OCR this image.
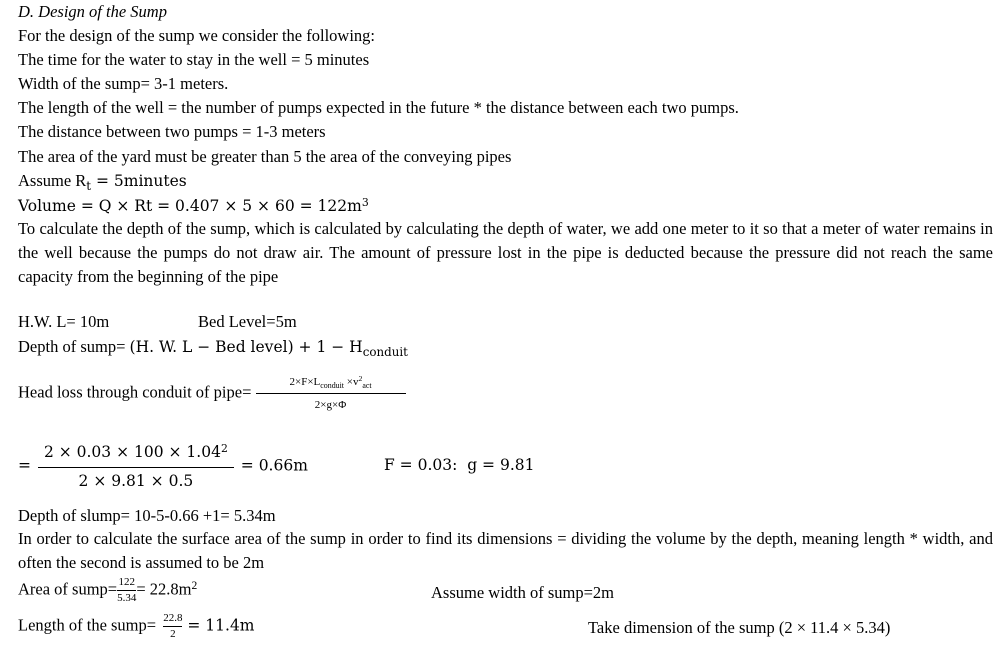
D. Design of the Sump
For the design of the sump we consider the following:
The time for the water to stay in the well = 5 minutes
Width of the sump= 3-1 meters.
The length of the well = the number of pumps expected in the future * the distance between each two pumps.
The distance between two pumps = 1-3 meters
The area of the yard must be greater than 5 the area of the conveying pipes
Assume $R_t$ = 5minutes
Volume = $Q \times Rt = 0.407 \times 5 \times 60 = 122m^3$
To calculate the depth of the sump, which is calculated by calculating the depth of water, we add one meter to it so that a meter of water remains in the well because the pumps do not draw air. The amount of pressure lost in the pipe is deducted because the pressure did not reach the same capacity from the beginning of the pipe
H.W. L= 10m	Bed Level=5m
Depth of sump= (H. W. L − Bed level) + $1 - H_{conduit}$
Head loss through conduit of pipe= $\frac{2\times F\times L_{conduit} \times v^2_{act}}{2\times g\times\Phi}$
= $\frac{2 \times 0.03 \times 100 \times 1.04^2}{2 \times 9.81 \times 0.5} = 0.66m$	F = 0.03: g = 9.81
Depth of slump= 10-5-0.66 +1= 5.34m
In order to calculate the surface area of the sump in order to find its dimensions = dividing the volume by the depth, meaning length * width, and often the second is assumed to be 2m
Area of sump= $\frac{122}{5.34} = 22.8m^2$	Assume width of sump=2m
Length of the sump= $\frac{22.8}{2} = 11.4m$	Take dimension of the sump (2 × 11.4 × 5.34)
